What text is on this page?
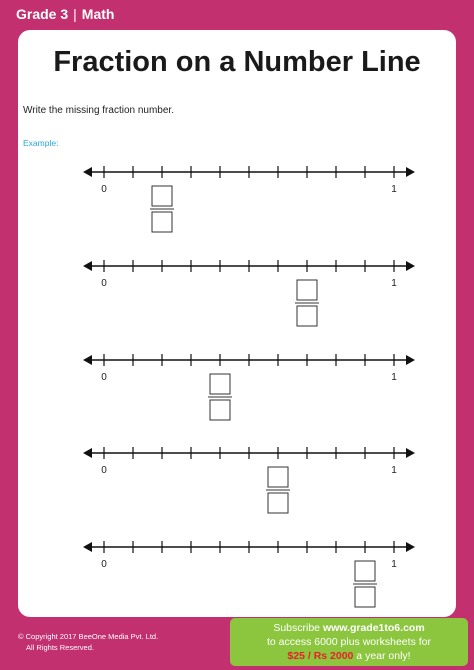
Grade 3 | Math
Fraction on a Number Line
Write the missing fraction number.
Example:
0	1
0	1
0	1
0	1
0	1
© Copyright 2017 BeeOne Media Pvt. Ltd.
All Rights Reserved.
Subscribe www.grade1to6.com
to access 6000 plus worksheets for
$25 / Rs 2000 a year only!
